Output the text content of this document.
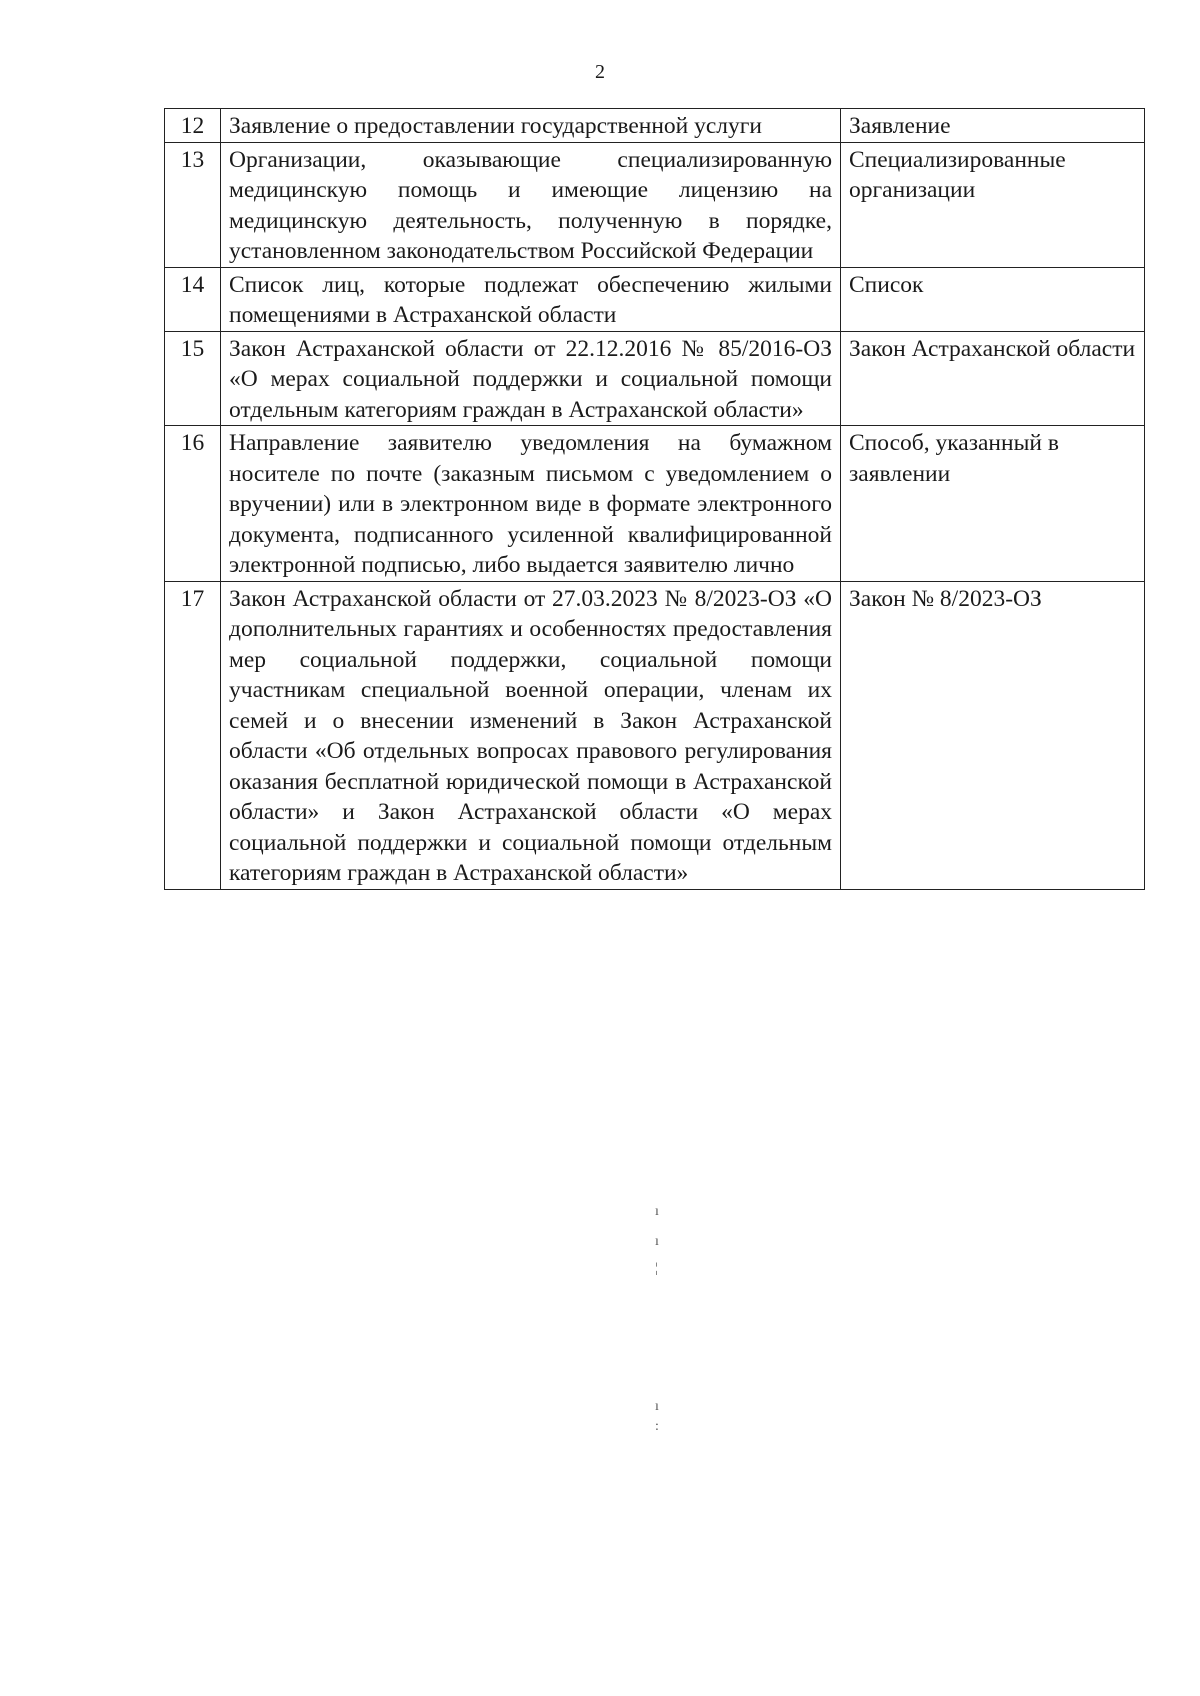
2
12	Заявление о предоставлении государственной услуги	Заявление
13	Организации, оказывающие специализированную медицинскую помощь и имеющие лицензию на медицинскую деятельность, полученную в порядке, установленном законодательством Российской Федерации	Специализированные организации
14	Список лиц, которые подлежат обеспечению жилыми помещениями в Астраханской области	Список
15	Закон Астраханской области от 22.12.2016 № 85/2016-ОЗ «О мерах социальной поддержки и социальной помощи отдельным категориям граждан в Астраханской области»	Закон Астраханской области
16	Направление заявителю уведомления на бумажном носителе по почте (заказным письмом с уведомлением о вручении) или в электронном виде в формате электронного документа, подписанного усиленной квалифицированной электронной подписью, либо выдается заявителю лично	Способ, указанный в заявлении
17	Закон Астраханской области от 27.03.2023 № 8/2023-ОЗ «О дополнительных гарантиях и особенностях предоставления мер социальной поддержки, социальной помощи участникам специальной военной операции, членам их семей и о внесении изменений в Закон Астраханской области «Об отдельных вопросах правового регулирования оказания бесплатной юридической помощи в Астраханской области» и Закон Астраханской области «О мерах социальной поддержки и социальной помощи отдельным категориям граждан в Астраханской области»	Закон № 8/2023-ОЗ
ı
ı
¦
ı
:
